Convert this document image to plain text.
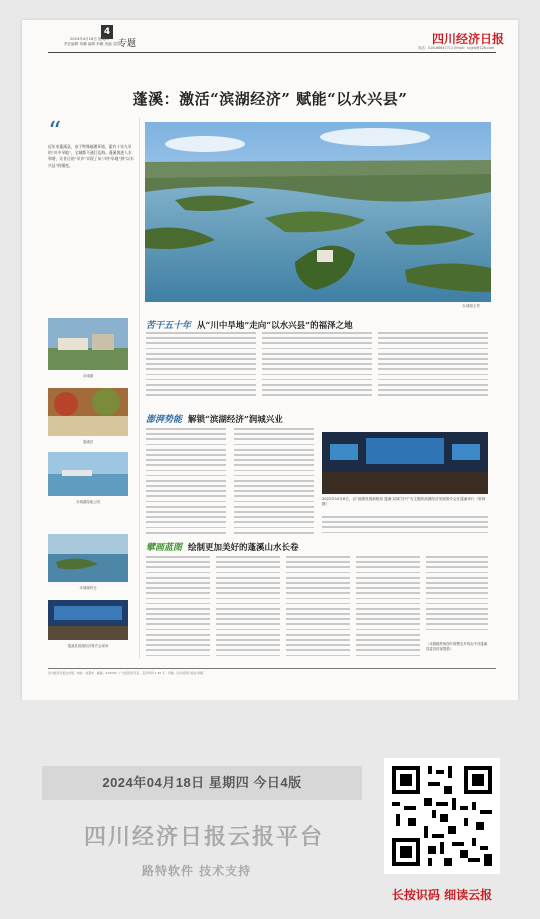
4
2024年4月18日 星期四
责任编辑 刘鹏 编辑 李娜 美编 袁园
专题	四川经济日报
电话：028-86647711 Email：scjjrb@126.com
蓬溪：激活“滨湖经济” 赋能“以水兴县”
“
近年来蓬溪县，由于特殊地理环境，素有十年九旱的“川中旱地”，全域都不通江达海。蓬溪推进人水和谐，让昔日的“旱乡”实现了从“川中旱地”到“以水兴县”的嬗变。
赤城湖全景
苦干五十年 从“川中旱地”走向“以水兴县”的福泽之地
赤城湖
蓬溪县
赤城湖湿地公园
赤城湖风光
蓬溪县滨湖经济推介会现场
澎湃势能 解锁“滨湖经济”润城兴业
2022年10月8日，以“滨湖发展新格局 蓬溪‘双城’共兴”为主题的滨湖经济发展推介会在蓬溪举行（张林摄）
擘画蓝图 绘制更加美好的蓬溪山水长卷
（本版稿件和图片除署名外均由中共蓬溪县委宣传部提供）
四川经济日报社出版 · 地址：成都市 · 邮编：610000 · 广告经营许可证 · 定价每份 1.50 元 · 印刷：四川经济日报社印刷厂
2024年04月18日 星期四 今日4版
四川经济日报云报平台
路特软件 技术支持
长按识码 细读云报
